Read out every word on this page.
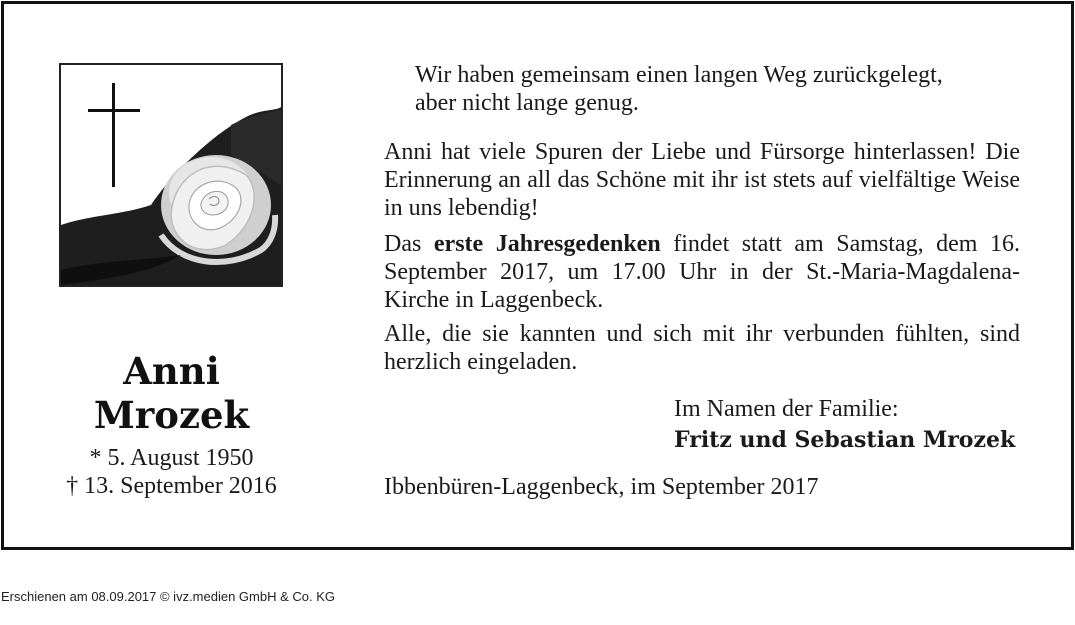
Anni
Mrozek
* 5. August 1950
† 13. September 2016
Wir haben gemeinsam einen langen Weg zurückgelegt,
aber nicht lange genug.
Anni hat viele Spuren der Liebe und Fürsorge hinterlassen! Die Erinnerung an all das Schöne mit ihr ist stets auf vielfältige Weise in uns lebendig!
Das erste Jahresgedenken findet statt am Samstag, dem 16. September 2017, um 17.00 Uhr in der St.-Maria-Magdalena-Kirche in Laggenbeck.
Alle, die sie kannten und sich mit ihr verbunden fühlten, sind herzlich eingeladen.
Im Namen der Familie:
Fritz und Sebastian Mrozek
Ibbenbüren-Laggenbeck, im September 2017
Erschienen am 08.09.2017 © ivz.medien GmbH & Co. KG
